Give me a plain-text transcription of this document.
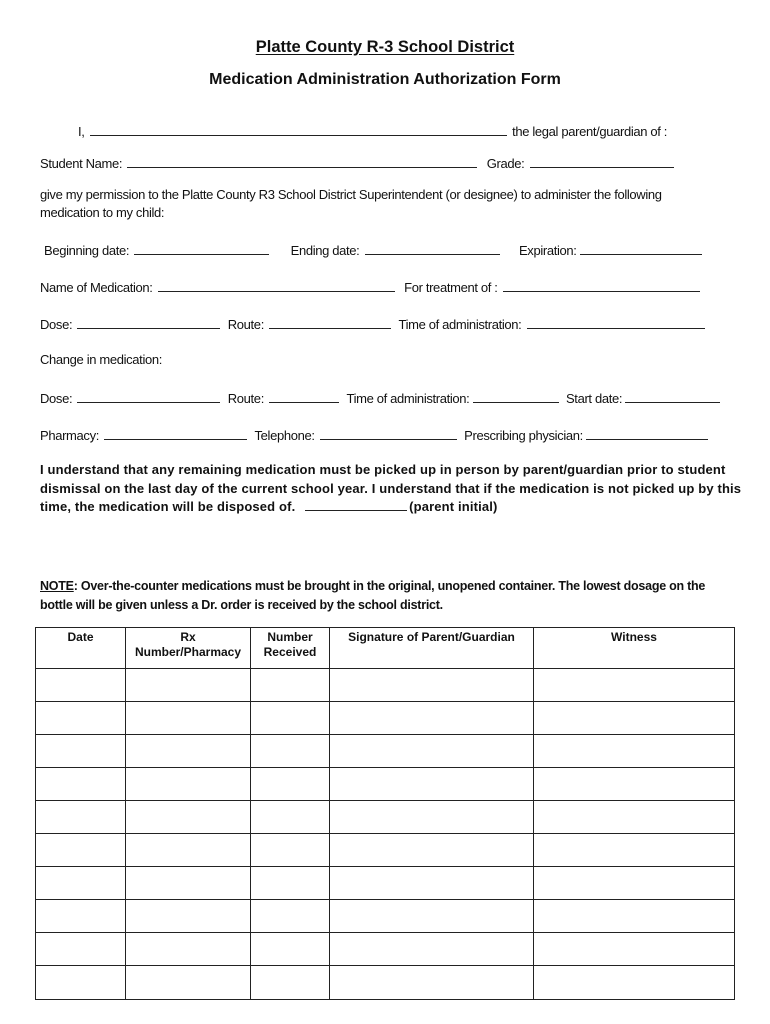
Platte County R-3 School District
Medication Administration Authorization Form
I,	the legal parent/guardian of :
Student Name:	Grade:
give my permission to the Platte County R3 School District Superintendent (or designee) to administer the following medication to my child:
Beginning date:	Ending date:	Expiration:
Name of Medication:	For treatment of :
Dose:	Route:	Time of administration:
Change in medication:
Dose:	Route:	Time of administration:	Start date:
Pharmacy:	Telephone:	Prescribing physician:
I understand that any remaining medication must be picked up in person by parent/guardian prior to student dismissal on the last day of the current school year. I understand that if the medication is not picked up by this time, the medication will be disposed of.	(parent initial)
NOTE: Over-the-counter medications must be brought in the original, unopened container. The lowest dosage on the bottle will be given unless a Dr. order is received by the school district.
Date	Rx Number/Pharmacy	Number Received	Signature of Parent/Guardian	Witness
